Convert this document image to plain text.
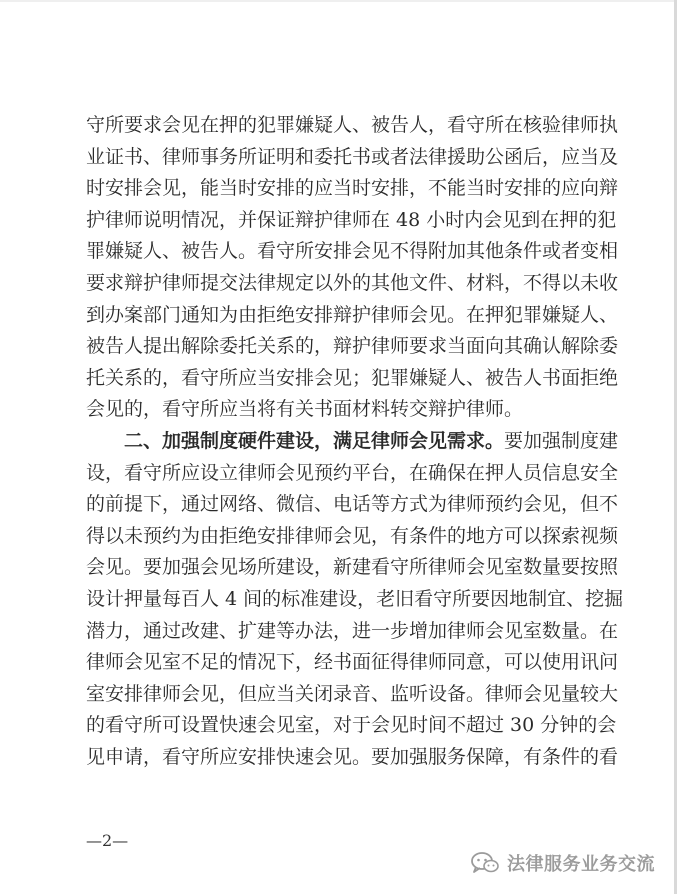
守所要求会见在押的犯罪嫌疑人、被告人，看守所在核验律师执
业证书、律师事务所证明和委托书或者法律援助公函后，应当及
时安排会见，能当时安排的应当时安排，不能当时安排的应向辩
护律师说明情况，并保证辩护律师在 48 小时内会见到在押的犯
罪嫌疑人、被告人。看守所安排会见不得附加其他条件或者变相
要求辩护律师提交法律规定以外的其他文件、材料，不得以未收
到办案部门通知为由拒绝安排辩护律师会见。在押犯罪嫌疑人、
被告人提出解除委托关系的，辩护律师要求当面向其确认解除委
托关系的，看守所应当安排会见；犯罪嫌疑人、被告人书面拒绝
会见的，看守所应当将有关书面材料转交辩护律师。
二、加强制度硬件建设，满足律师会见需求。要加强制度建
设，看守所应设立律师会见预约平台，在确保在押人员信息安全
的前提下，通过网络、微信、电话等方式为律师预约会见，但不
得以未预约为由拒绝安排律师会见，有条件的地方可以探索视频
会见。要加强会见场所建设，新建看守所律师会见室数量要按照
设计押量每百人 4 间的标准建设，老旧看守所要因地制宜、挖掘
潜力，通过改建、扩建等办法，进一步增加律师会见室数量。在
律师会见室不足的情况下，经书面征得律师同意，可以使用讯问
室安排律师会见，但应当关闭录音、监听设备。律师会见量较大
的看守所可设置快速会见室，对于会见时间不超过 30 分钟的会
见申请，看守所应安排快速会见。要加强服务保障，有条件的看
—2—
法律服务业务交流
